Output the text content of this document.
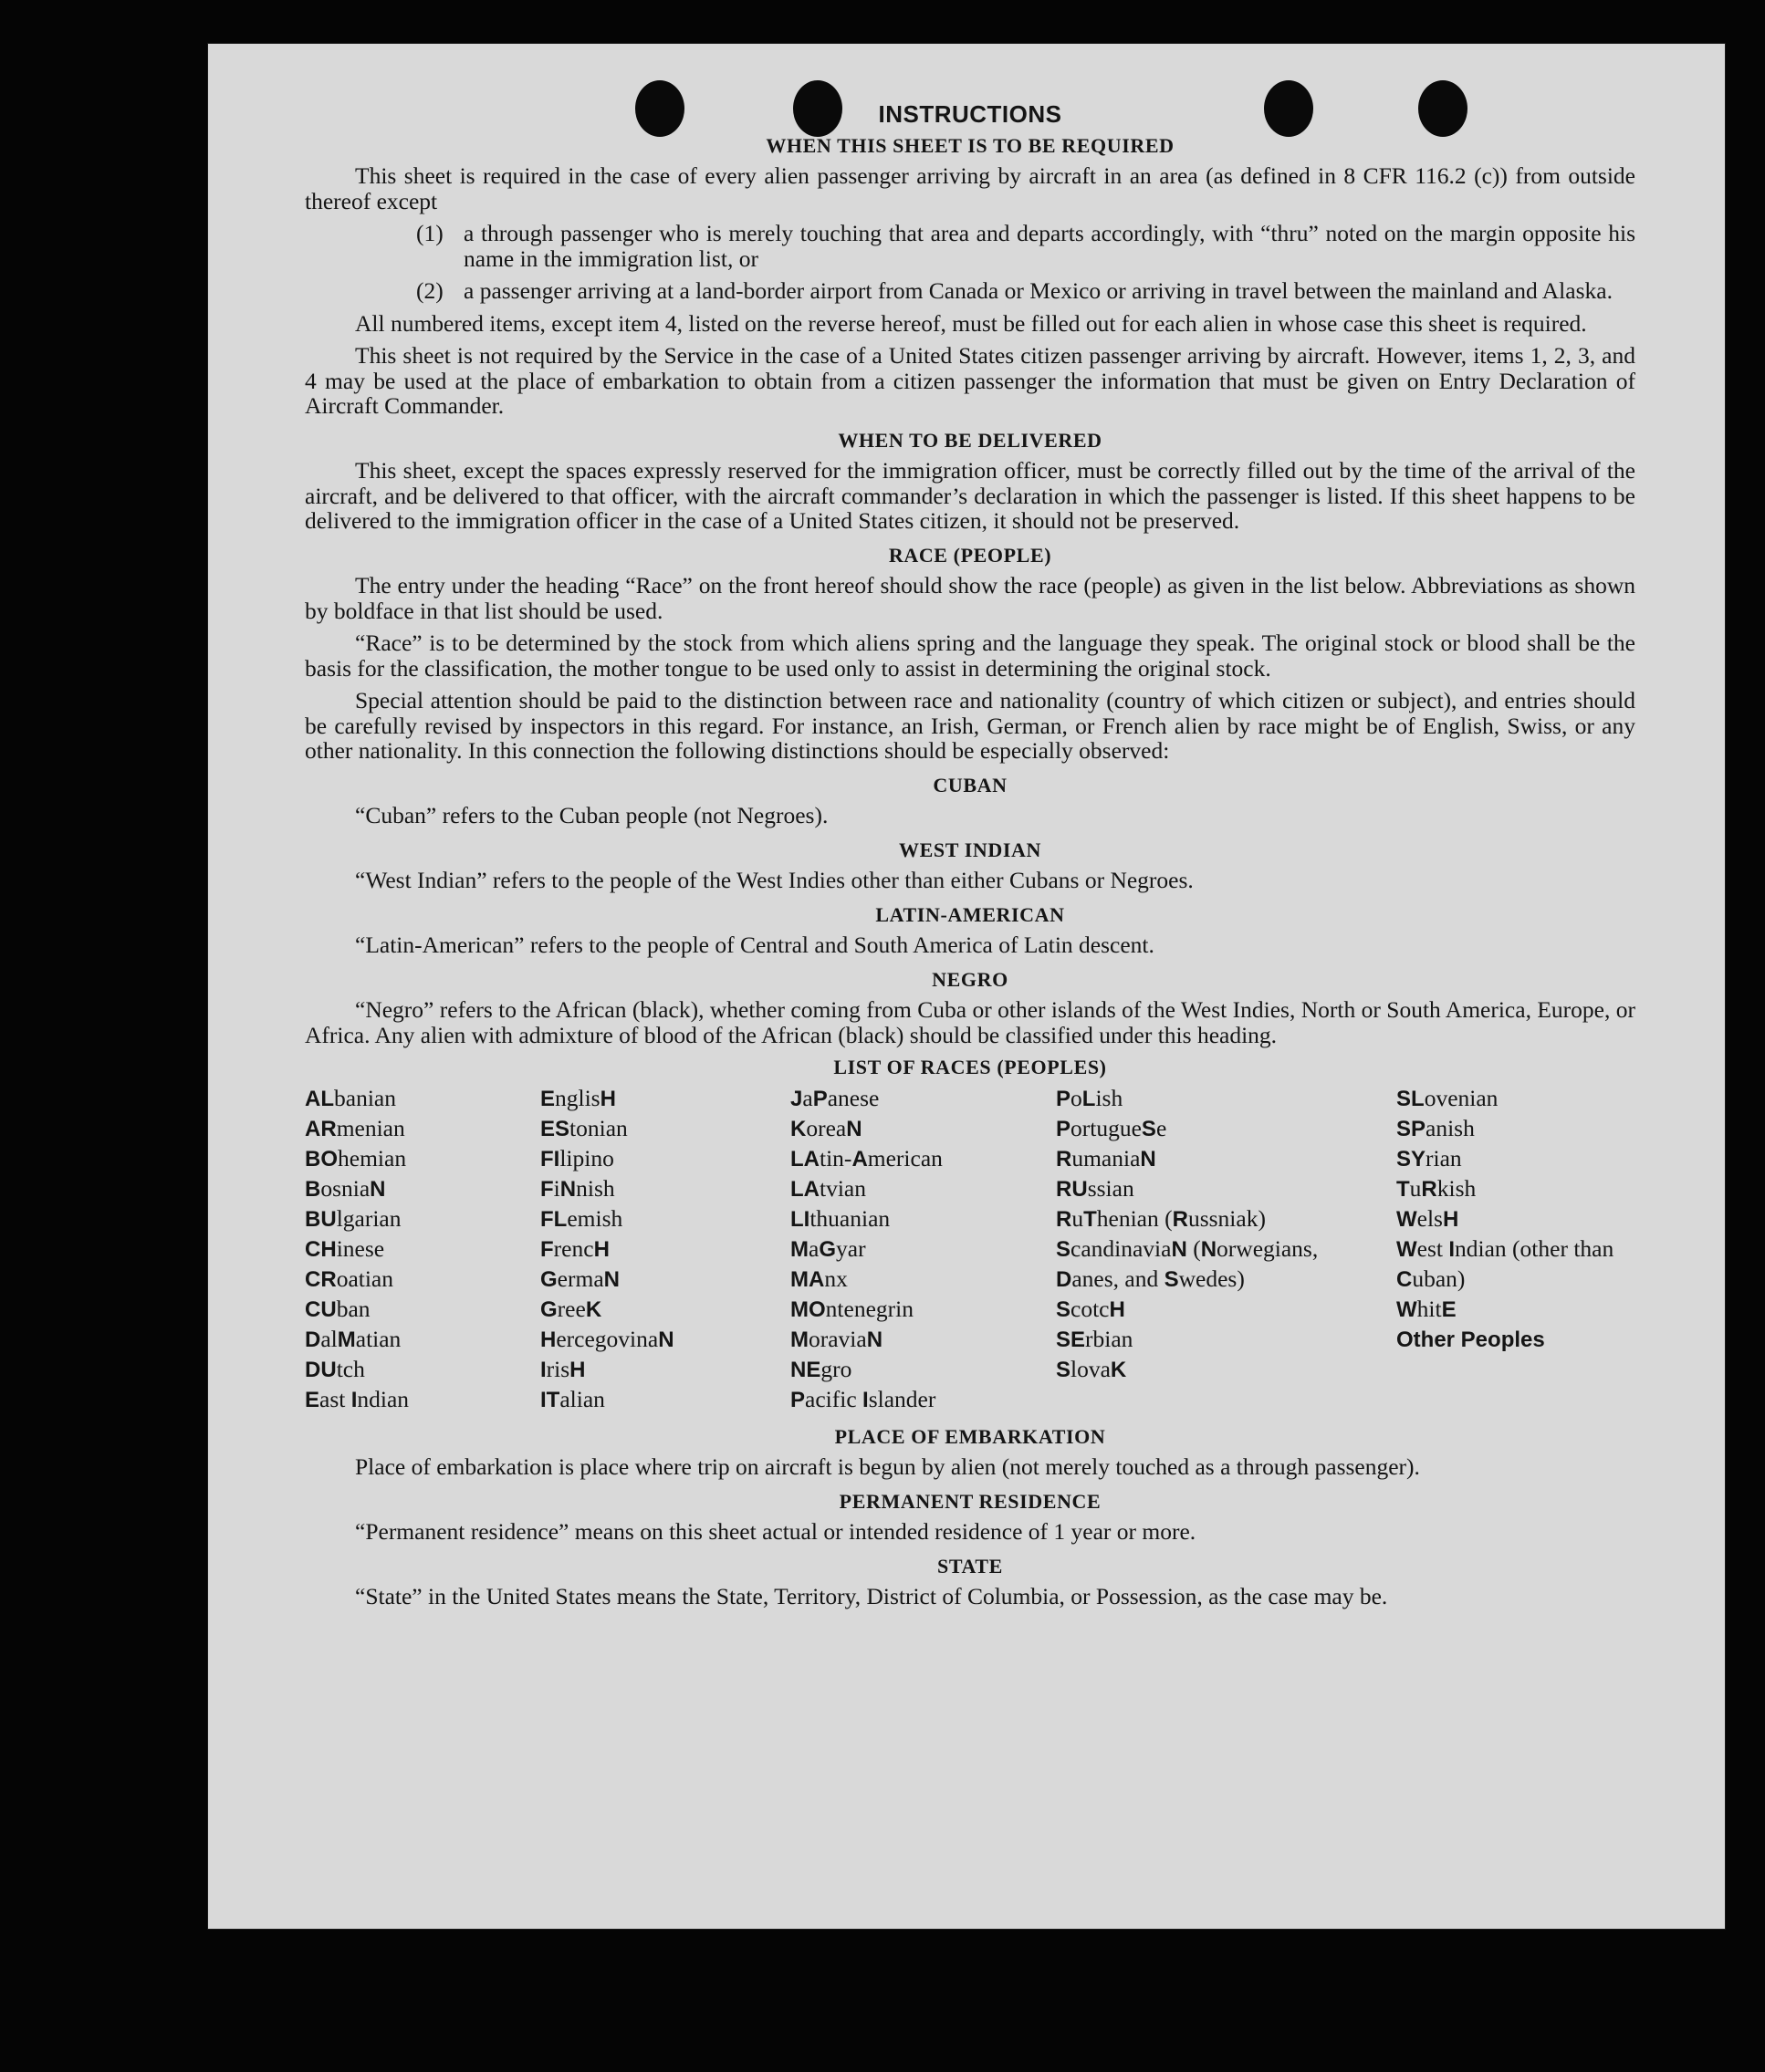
INSTRUCTIONS
WHEN THIS SHEET IS TO BE REQUIRED

This sheet is required in the case of every alien passenger arriving by aircraft in an area (as defined in 8 CFR 116.2 (c)) from outside thereof except

(1) a through passenger who is merely touching that area and departs accordingly, with “thru” noted on the margin opposite his name in the immigration list, or
(2) a passenger arriving at a land-border airport from Canada or Mexico or arriving in travel between the mainland and Alaska.

All numbered items, except item 4, listed on the reverse hereof, must be filled out for each alien in whose case this sheet is required.

This sheet is not required by the Service in the case of a United States citizen passenger arriving by aircraft. However, items 1, 2, 3, and 4 may be used at the place of embarkation to obtain from a citizen passenger the information that must be given on Entry Declaration of Aircraft Commander.

WHEN TO BE DELIVERED

This sheet, except the spaces expressly reserved for the immigration officer, must be correctly filled out by the time of the arrival of the aircraft, and be delivered to that officer, with the aircraft commander’s declaration in which the passenger is listed. If this sheet happens to be delivered to the immigration officer in the case of a United States citizen, it should not be preserved.

RACE (PEOPLE)

The entry under the heading “Race” on the front hereof should show the race (people) as given in the list below. Abbreviations as shown by boldface in that list should be used.

“Race” is to be determined by the stock from which aliens spring and the language they speak. The original stock or blood shall be the basis for the classification, the mother tongue to be used only to assist in determining the original stock.

Special attention should be paid to the distinction between race and nationality (country of which citizen or subject), and entries should be carefully revised by inspectors in this regard. For instance, an Irish, German, or French alien by race might be of English, Swiss, or any other nationality. In this connection the following distinctions should be especially observed:

CUBAN

“Cuban” refers to the Cuban people (not Negroes).

WEST INDIAN

“West Indian” refers to the people of the West Indies other than either Cubans or Negroes.

LATIN-AMERICAN

“Latin-American” refers to the people of Central and South America of Latin descent.

NEGRO

“Negro” refers to the African (black), whether coming from Cuba or other islands of the West Indies, North or South America, Europe, or Africa. Any alien with admixture of blood of the African (black) should be classified under this heading.

LIST OF RACES (PEOPLES)
ALbanian
ARmenian
BOhemian
BosniaN
BUlgarian
CHinese
CRoatian
CUban
DalMatian
DUtch
East Indian
EnglisH
EStonian
FIlipino
FiNnish
FLemish
FrencH
GermaN
GreeK
HercegovinaN
IrisH
ITalian
JaPanese
KoreaN
LAtin-American
LAtvian
LIthuanian
MaGyar
MAnx
MOntenegrin
MoraviaN
NEgro
Pacific Islander
PoLish
PortugueSe
RumaniaN
RUssian
RuThenian (Russniak)
ScandinaviaN (Norwegians, Danes, and Swedes)
ScotcH
SErbian
SlovaK
SLovenian
SPanish
SYrian
TuRkish
WelsH
West Indian (other than Cuban)
WhitE
Other Peoples
PLACE OF EMBARKATION

Place of embarkation is place where trip on aircraft is begun by alien (not merely touched as a through passenger).

PERMANENT RESIDENCE

“Permanent residence” means on this sheet actual or intended residence of 1 year or more.

STATE

“State” in the United States means the State, Territory, District of Columbia, or Possession, as the case may be.
